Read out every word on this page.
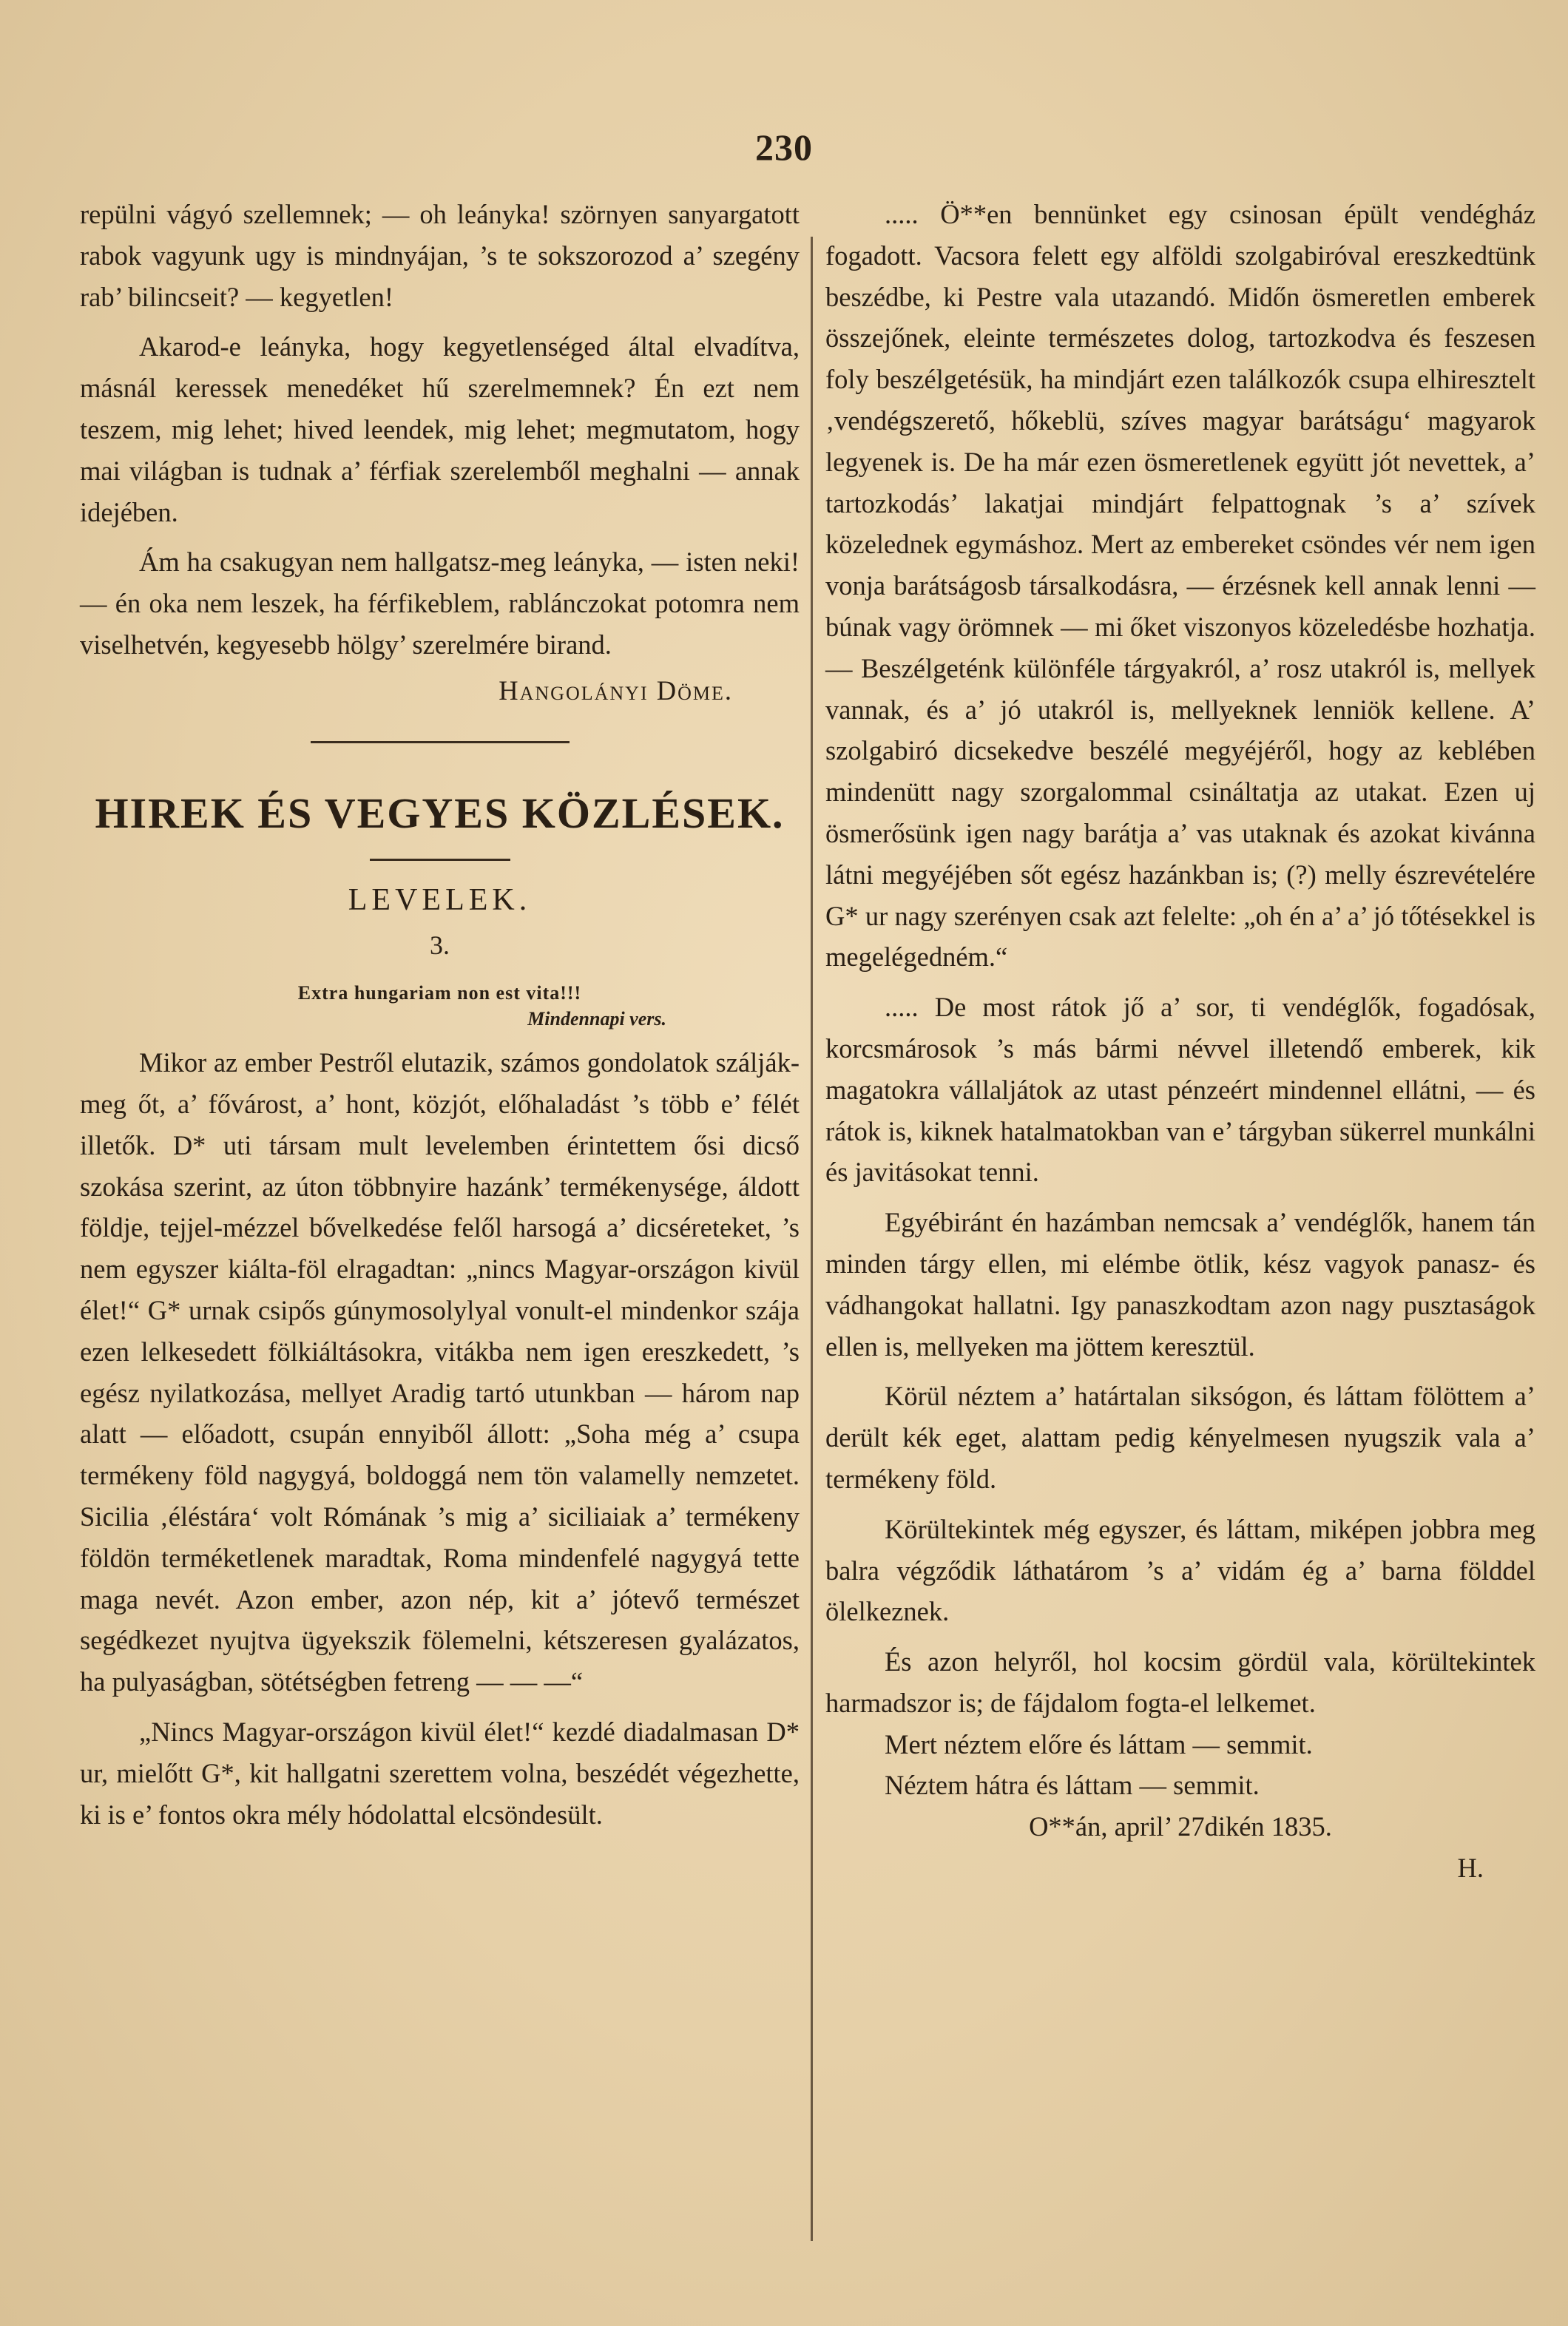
230

repülni vágyó szellemnek; — oh leányka! szörnyen sanyargatott rabok vagyunk ugy is mindnyájan, ’s te sokszorozod a’ szegény rab’ bilincseit? — kegyetlen!

Akarod-e leányka, hogy kegyetlenséged által elvadítva, másnál keressek menedéket hű szerelmemnek? Én ezt nem teszem, mig lehet; hived leendek, mig lehet; megmutatom, hogy mai világban is tudnak a’ férfiak szerelemből meghalni — annak idejében.

Ám ha csakugyan nem hallgatsz-meg leányka, — isten neki! — én oka nem leszek, ha férfikeblem, rablánczokat potomra nem viselhetvén, kegyesebb hölgy’ szerelmére birand.

Hangolányi Döme.

HIREK ÉS VEGYES KÖZLÉSEK.
LEVELEK.
3.
Extra hungariam non est vita!!!
Mindennapi vers.

Mikor az ember Pestről elutazik, számos gondolatok szálják-meg őt, a’ fővárost, a’ hont, közjót, előhaladást ’s több e’ félét illetők. D* uti társam mult levelemben érintettem ősi dicső szokása szerint, az úton többnyire hazánk’ termékenysége, áldott földje, tejjel-mézzel bővelkedése felől harsogá a’ dicséreteket, ’s nem egyszer kiálta-föl elragadtan: „nincs Magyar-országon kivül élet!“ G* urnak csipős gúnymosolylyal vonult-el mindenkor szája ezen lelkesedett fölkiáltásokra, vitákba nem igen ereszkedett, ’s egész nyilatkozása, mellyet Aradig tartó utunkban — három nap alatt — előadott, csupán ennyiből állott: „Soha még a’ csupa termékeny föld nagygyá, boldoggá nem tön valamelly nemzetet. Sicilia ‚éléstára‘ volt Rómának ’s mig a’ siciliaiak a’ termékeny földön terméketlenek maradtak, Roma mindenfelé nagygyá tette maga nevét. Azon ember, azon nép, kit a’ jótevő természet segédkezet nyujtva ügyekszik fölemelni, kétszeresen gyalázatos, ha pulyaságban, sötétségben fetreng — — —“

„Nincs Magyar-országon kivül élet!“ kezdé diadalmasan D* ur, mielőtt G*, kit hallgatni szerettem volna, beszédét végezhette, ki is e’ fontos okra mély hódolattal elcsöndesült.

..... Ö**en bennünket egy csinosan épült vendégház fogadott. Vacsora felett egy alföldi szolgabiróval ereszkedtünk beszédbe, ki Pestre vala utazandó. Midőn ösmeretlen emberek összejőnek, eleinte természetes dolog, tartozkodva és feszesen foly beszélgetésük, ha mindjárt ezen találkozók csupa elhiresztelt ‚vendégszerető, hőkeblü, szíves magyar barátságu‘ magyarok legyenek is. De ha már ezen ösmeretlenek együtt jót nevettek, a’ tartozkodás’ lakatjai mindjárt felpattognak ’s a’ szívek közelednek egymáshoz. Mert az embereket csöndes vér nem igen vonja barátságosb társalkodásra, — érzésnek kell annak lenni — búnak vagy örömnek — mi őket viszonyos közeledésbe hozhatja. — Beszélgeténk különféle tárgyakról, a’ rosz utakról is, mellyek vannak, és a’ jó utakról is, mellyeknek lenniök kellene. A’ szolgabiró dicsekedve beszélé megyéjéről, hogy az keblében mindenütt nagy szorgalommal csináltatja az utakat. Ezen uj ösmerősünk igen nagy barátja a’ vas utaknak és azokat kivánna látni megyéjében sőt egész hazánkban is; (?) melly észrevételére G* ur nagy szerényen csak azt felelte: „oh én a’ a’ jó tőtésekkel is megelégedném.“

..... De most rátok jő a’ sor, ti vendéglők, fogadósak, korcsmárosok ’s más bármi névvel illetendő emberek, kik magatokra vállaljátok az utast pénzeért mindennel ellátni, — és rátok is, kiknek hatalmatokban van e’ tárgyban sükerrel munkálni és javitásokat tenni.

Egyébiránt én hazámban nemcsak a’ vendéglők, hanem tán minden tárgy ellen, mi elémbe ötlik, kész vagyok panasz- és vádhangokat hallatni. Igy panaszkodtam azon nagy pusztaságok ellen is, mellyeken ma jöttem keresztül.

Körül néztem a’ határtalan siksógon, és láttam fölöttem a’ derült kék eget, alattam pedig kényelmesen nyugszik vala a’ termékeny föld.

Körültekintek még egyszer, és láttam, miképen jobbra meg balra végződik láthatárom ’s a’ vidám ég a’ barna földdel ölelkeznek.

És azon helyről, hol kocsim gördül vala, körültekintek harmadszor is; de fájdalom fogta-el lelkemet.

Mert néztem előre és láttam — semmit.

Néztem hátra és láttam — semmit.

O**án, april’ 27dikén 1835.

H.
